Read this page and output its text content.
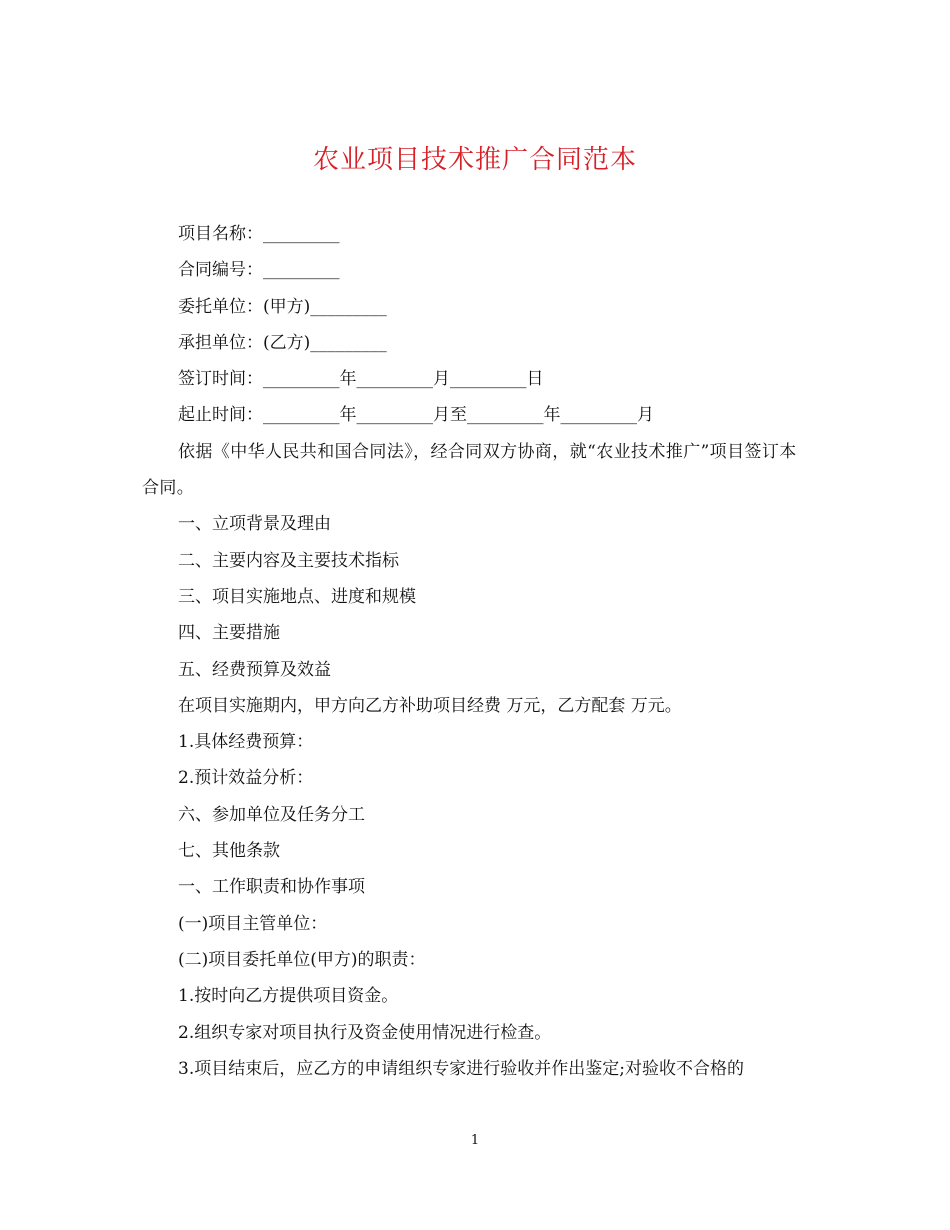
农业项目技术推广合同范本

项目名称：_________

合同编号：_________

委托单位：(甲方)_________

承担单位：(乙方)_________

签订时间：_________年_________月_________日

起止时间：_________年_________月至_________年_________月

依据《中华人民共和国合同法》，经合同双方协商，就“农业技术推广”项目签订本合同。

一、立项背景及理由

二、主要内容及主要技术指标

三、项目实施地点、进度和规模

四、主要措施

五、经费预算及效益

在项目实施期内，甲方向乙方补助项目经费 万元，乙方配套 万元。

1.具体经费预算：

2.预计效益分析：

六、参加单位及任务分工

七、其他条款

一、工作职责和协作事项

(一)项目主管单位：

(二)项目委托单位(甲方)的职责：

1.按时向乙方提供项目资金。

2.组织专家对项目执行及资金使用情况进行检查。

3.项目结束后，应乙方的申请组织专家进行验收并作出鉴定;对验收不合格的

1
